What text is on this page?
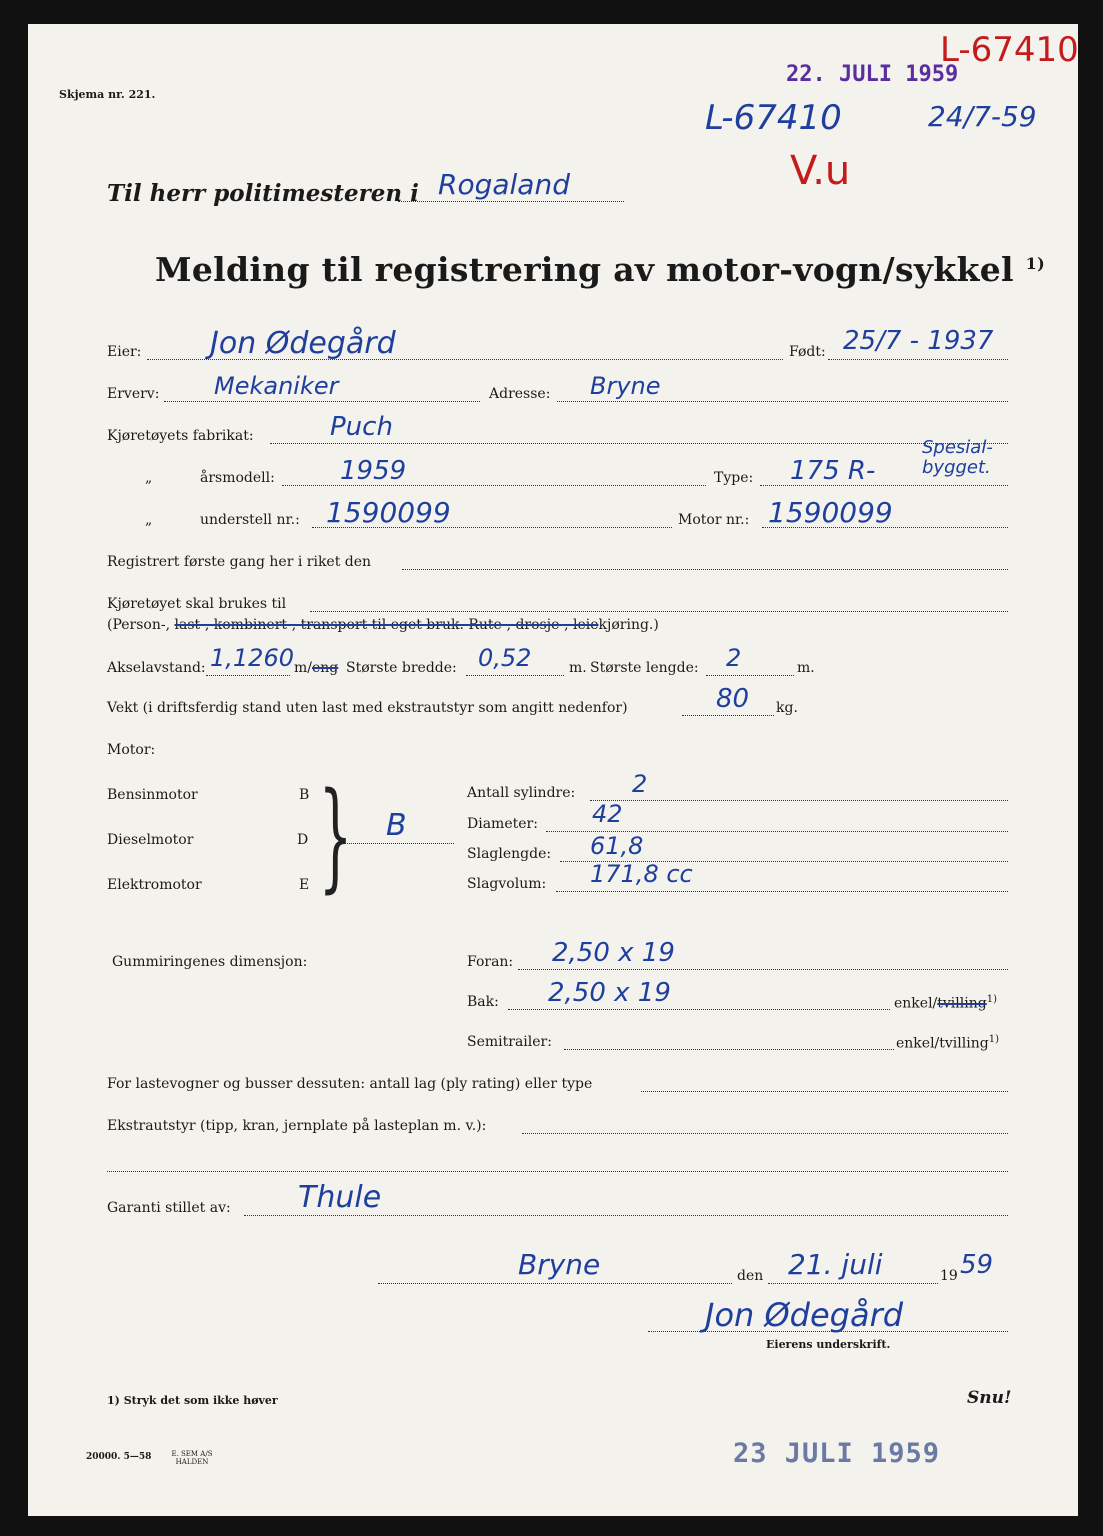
Skjema nr. 221.
22. JULI 1959
L-67410
L-67410	24/7-59
V.u
Til herr politimesteren i Rogaland
Melding til registrering av motor-vogn/sykkel $^{1)}$
Eier: Jon Ødegård	Født: 25/7 - 1937
Erverv: Mekaniker	Adresse: Bryne
Kjøretøyets fabrikat:	Puch
„	årsmodell:	1959	Type: 175 R-
Spesial-bygget.
„	understell nr.: 1590099	Motor nr.: 1590099
Registrert første gang her i riket den
Kjøretøyet skal brukes til
(Person-, last-, kombinert-, transport til eget bruk. Rute-, drosje-, leiekjøring.)
Akselavstand: 1,1260 m/eng Største bredde: 0,52	m. Største lengde: 2	m.
Vekt (i driftsferdig stand uten last med ekstrautstyr som angitt nedenfor)	80 kg.
Motor:
Bensinmotor	B
Dieselmotor	D
Elektromotor	E } B
Antall sylindre: 2
Diameter: 42
Slaglengde: 61,8
Slagvolum: 171,8 cc
Gummiringenes dimensjon:	Foran: 2,50 x 19
Bak: 2,50 x 19	enkel/tvilling$^{1)}$
Semitrailer:	enkel/tvilling$^{1)}$
For lastevogner og busser dessuten: antall lag (ply rating) eller type
Ekstrautstyr (tipp, kran, jernplate på lasteplan m. v.):
Garanti stillet av: Thule
Bryne	den 21. juli	19 59
Jon Ødegård
Eierens underskrift.
1) Stryk det som ikke høver	Snu!
20000. 5—58	E. SEM A/S HALDEN	23 JULI 1959
